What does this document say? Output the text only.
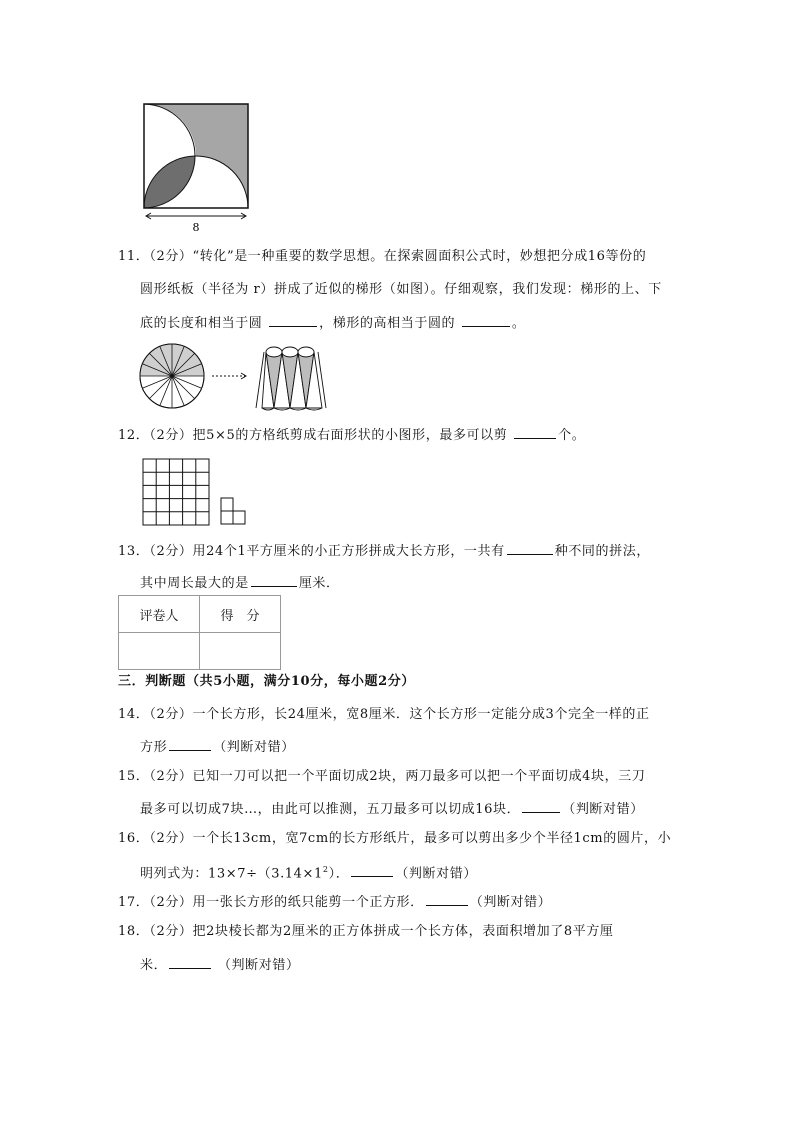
8
11．（2分）“转化”是一种重要的数学思想。在探索圆面积公式时，妙想把分成16等份的
圆形纸板（半径为 r）拼成了近似的梯形（如图）。仔细观察，我们发现：梯形的上、下
底的长度和相当于圆	，梯形的高相当于圆的	。
12．（2分）把5×5的方格纸剪成右面形状的小图形，最多可以剪	个。
13．（2分）用24个1平方厘米的小正方形拼成大长方形，一共有	种不同的拼法，
其中周长最大的是	厘米．
评卷人	得　分

三．判断题（共5小题，满分10分，每小题2分）
14．（2分）一个长方形，长24厘米，宽8厘米．这个长方形一定能分成3个完全一样的正
方形	（判断对错）
15．（2分）已知一刀可以把一个平面切成2块，两刀最多可以把一个平面切成4块，三刀
最多可以切成7块…，由此可以推测，五刀最多可以切成16块．	（判断对错）
16．（2分）一个长13cm，宽7cm的长方形纸片，最多可以剪出多少个半径1cm的圆片，小
明列式为：$13\times 7\div(3.14\times 1^2)$．	（判断对错）
17．（2分）用一张长方形的纸只能剪一个正方形．	（判断对错）
18．（2分）把2块棱长都为2厘米的正方体拼成一个长方体，表面积增加了8平方厘
米．	（判断对错）
